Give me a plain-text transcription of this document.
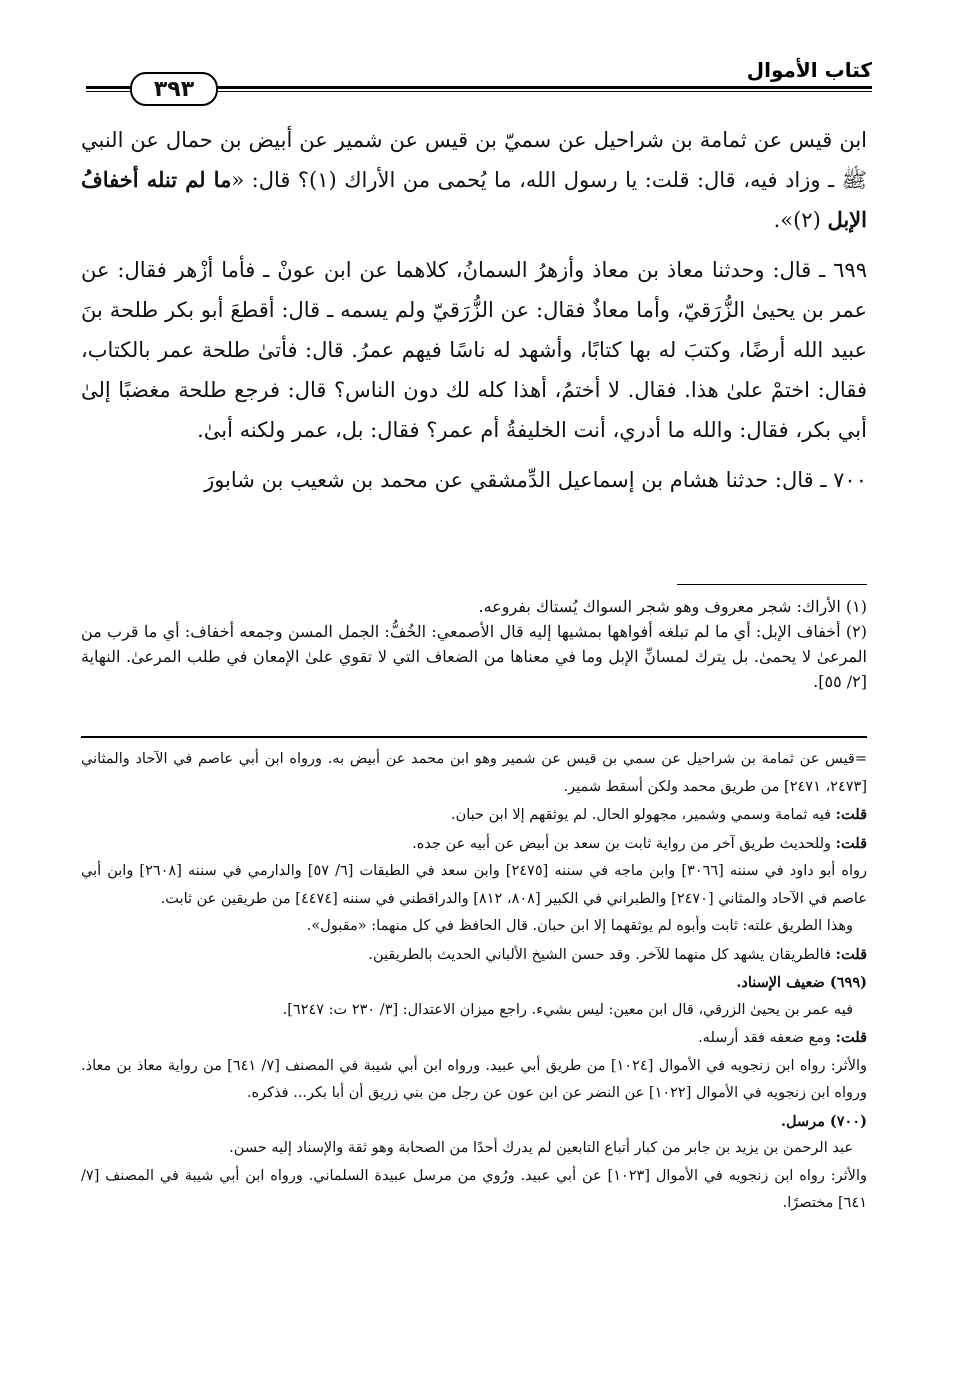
كتاب الأموال
٣٩٣

ابن قيس عن ثمامة بن شراحيل عن سميّ بن قيس عن شمير عن أبيض بن حمال عن النبي ﷺ ـ وزاد فيه، قال: قلت: يا رسول الله، ما يُحمى من الأراك (١)؟ قال: «ما لم تنله أخفافُ الإبل (٢)».

٦٩٩ ـ قال: وحدثنا معاذ بن معاذ وأزهرُ السمانُ، كلاهما عن ابن عونْ ـ فأما أزْهر فقال: عن عمر بن يحيىٰ الزُّرَقيّ، وأما معاذٌ فقال: عن الزُّرَقيّ ولم يسمه ـ قال: أقطعَ أبو بكر طلحة بنَ عبيد الله أرضًا، وكتبَ له بها كتابًا، وأشهد له ناسًا فيهم عمرُ. قال: فأتىٰ طلحة عمر بالكتاب، فقال: اختمْ علىٰ هذا. فقال. لا أختمُ، أهذا كله لك دون الناس؟ قال: فرجع طلحة مغضبًا إلىٰ أبي بكر، فقال: والله ما أدري، أنت الخليفةُ أم عمر؟ فقال: بل، عمر ولكنه أبىٰ.

٧٠٠ ـ قال: حدثنا هشام بن إسماعيل الدِّمشقي عن محمد بن شعيب بن شابورَ

(١) الأراك: شجر معروف وهو شجر السواك يُستاك بفروعه.

(٢) أخفاف الإبل: أي ما لم تبلغه أفواهها بمشيها إليه قال الأصمعي: الخُفُّ: الجمل المسن وجمعه أخفاف: أي ما قرب من المرعىٰ لا يحمىٰ. بل يترك لمسانِّ الإبل وما في معناها من الضعاف التي لا تقوي علىٰ الإمعان في طلب المرعىٰ. النهاية [٢/ ٥٥].

=قيس عن ثمامة بن شراحيل عن سمي بن قيس عن شمير وهو ابن محمد عن أبيض به. ورواه ابن أبي عاصم في الآحاد والمثاني [٢٤٧٣، ٢٤٧١] من طريق محمد ولكن أسقط شمير.

قلت: فيه ثمامة وسمي وشمير، مجهولو الحال. لم يوثقهم إلا ابن حبان.

قلت: وللحديث طريق آخر من رواية ثابت بن سعد بن أبيض عن أبيه عن جده.

رواه أبو داود في سننه [٣٠٦٦] وابن ماجه في سننه [٢٤٧٥] وابن سعد في الطبقات [٦/ ٥٧] والدارمي في سننه [٢٦٠٨] وابن أبي عاصم في الآحاد والمثاني [٢٤٧٠] والطبراني في الكبير [٨٠٨، ٨١٢] والدراقطني في سننه [٤٤٧٤] من طريقين عن ثابت.

وهذا الطريق علته: ثابت وأبوه لم يوثقهما إلا ابن حبان. قال الحافظ في كل منهما: «مقبول».

قلت: فالطريقان يشهد كل منهما للآخر. وقد حسن الشيخ الألباني الحديث بالطريقين.

(٦٩٩) ضعيف الإسناد.

فيه عمر بن يحيىٰ الزرقي، قال ابن معين: ليس بشيء. راجع ميزان الاعتدال: [٣/ ٢٣٠ ت: ٦٢٤٧].

قلت: ومع ضعفه فقد أرسله.

والأثر: رواه ابن زنجويه في الأموال [١٠٢٤] من طريق أبي عبيد. ورواه ابن أبي شيبة في المصنف [٧/ ٦٤١] من رواية معاذ بن معاذ. ورواه ابن زنجويه في الأموال [١٠٢٢] عن النضر عن ابن عون عن رجل من بني زريق أن أبا بكر... فذكره.

(٧٠٠) مرسل.

عبد الرحمن بن يزيد بن جابر من كبار أتباع التابعين لم يدرك أحدًا من الصحابة وهو ثقة والإسناد إليه حسن.

والأثر: رواه ابن زنجويه في الأموال [١٠٢٣] عن أبي عبيد. ورُوي من مرسل عبيدة السلماني. ورواه ابن أبي شيبة في المصنف [٧/ ٦٤١] مختصرًا.
